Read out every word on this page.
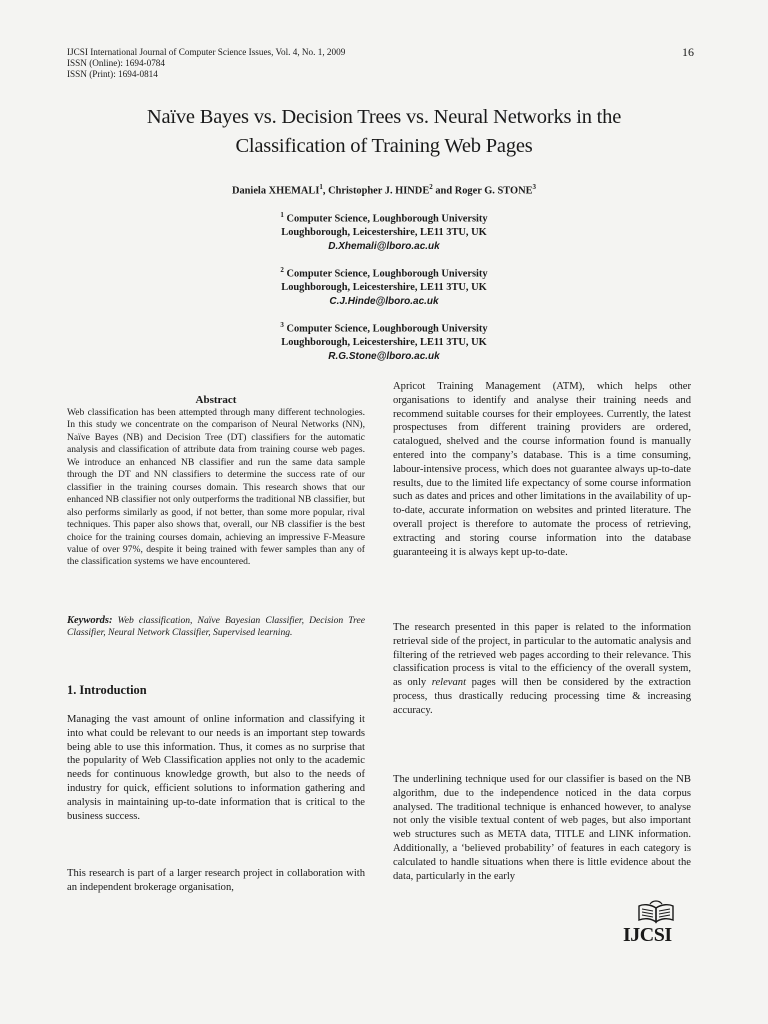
IJCSI International Journal of Computer Science Issues, Vol. 4, No. 1, 2009
ISSN (Online): 1694-0784
ISSN (Print): 1694-0814
16
Naïve Bayes vs. Decision Trees vs. Neural Networks in the
Classification of Training Web Pages
Daniela XHEMALI$^1$, Christopher J. HINDE$^2$ and Roger G. STONE$^3$
$^1$ Computer Science, Loughborough University
Loughborough, Leicestershire, LE11 3TU, UK
D.Xhemali@lboro.ac.uk
$^2$ Computer Science, Loughborough University
Loughborough, Leicestershire, LE11 3TU, UK
C.J.Hinde@lboro.ac.uk
$^3$ Computer Science, Loughborough University
Loughborough, Leicestershire, LE11 3TU, UK
R.G.Stone@lboro.ac.uk
Abstract

Web classification has been attempted through many different technologies. In this study we concentrate on the comparison of Neural Networks (NN), Naïve Bayes (NB) and Decision Tree (DT) classifiers for the automatic analysis and classification of attribute data from training course web pages. We introduce an enhanced NB classifier and run the same data sample through the DT and NN classifiers to determine the success rate of our classifier in the training courses domain. This research shows that our enhanced NB classifier not only outperforms the traditional NB classifier, but also performs similarly as good, if not better, than some more popular, rival techniques. This paper also shows that, overall, our NB classifier is the best choice for the training courses domain, achieving an impressive F-Measure value of over 97%, despite it being trained with fewer samples than any of the classification systems we have encountered.

Keywords: Web classification, Naïve Bayesian Classifier, Decision Tree Classifier, Neural Network Classifier, Supervised learning.

1. Introduction

Managing the vast amount of online information and classifying it into what could be relevant to our needs is an important step towards being able to use this information. Thus, it comes as no surprise that the popularity of Web Classification applies not only to the academic needs for continuous knowledge growth, but also to the needs of industry for quick, efficient solutions to information gathering and analysis in maintaining up-to-date information that is critical to the business success.

This research is part of a larger research project in collaboration with an independent brokerage organisation,

Apricot Training Management (ATM), which helps other organisations to identify and analyse their training needs and recommend suitable courses for their employees. Currently, the latest prospectuses from different training providers are ordered, catalogued, shelved and the course information found is manually entered into the company’s database. This is a time consuming, labour-intensive process, which does not guarantee always up-to-date results, due to the limited life expectancy of some course information such as dates and prices and other limitations in the availability of up-to-date, accurate information on websites and printed literature. The overall project is therefore to automate the process of retrieving, extracting and storing course information into the database guaranteeing it is always kept up-to-date.

The research presented in this paper is related to the information retrieval side of the project, in particular to the automatic analysis and filtering of the retrieved web pages according to their relevance. This classification process is vital to the efficiency of the overall system, as only relevant pages will then be considered by the extraction process, thus drastically reducing processing time & increasing accuracy.

The underlining technique used for our classifier is based on the NB algorithm, due to the independence noticed in the data corpus analysed. The traditional technique is enhanced however, to analyse not only the visible textual content of web pages, but also important web structures such as META data, TITLE and LINK information. Additionally, a ‘believed probability’ of features in each category is calculated to handle situations when there is little evidence about the data, particularly in the early

IJCSI
